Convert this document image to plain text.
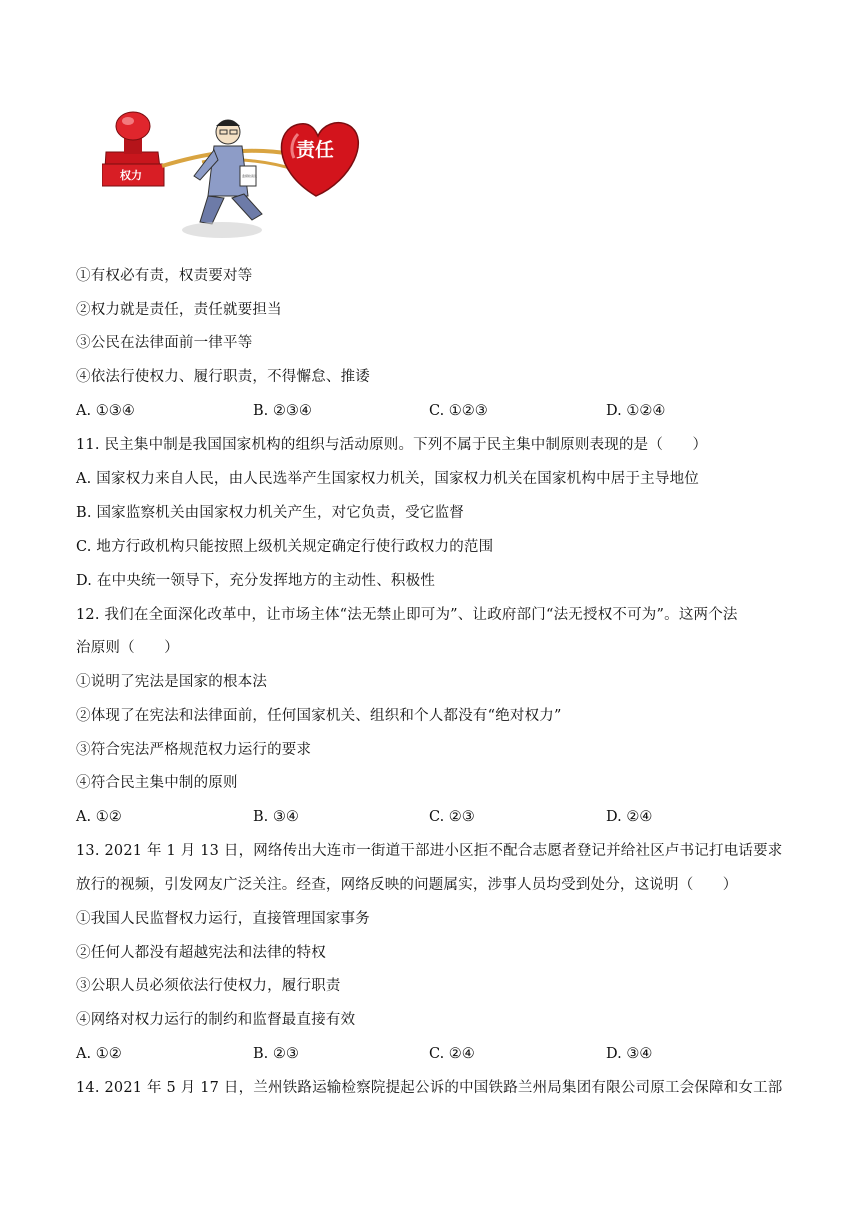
权力	监督检查员
责任
①有权必有责，权责要对等
②权力就是责任，责任就要担当
③公民在法律面前一律平等
④依法行使权力、履行职责，不得懈怠、推诿
A. ①③④	B. ②③④	C. ①②③	D. ①②④
11. 民主集中制是我国国家机构的组织与活动原则。下列不属于民主集中制原则表现的是（　　）
A. 国家权力来自人民，由人民选举产生国家权力机关，国家权力机关在国家机构中居于主导地位
B. 国家监察机关由国家权力机关产生，对它负责，受它监督
C. 地方行政机构只能按照上级机关规定确定行使行政权力的范围
D. 在中央统一领导下，充分发挥地方的主动性、积极性
12. 我们在全面深化改革中，让市场主体“法无禁止即可为”、让政府部门“法无授权不可为”。这两个法
治原则（　　）
①说明了宪法是国家的根本法
②体现了在宪法和法律面前，任何国家机关、组织和个人都没有“绝对权力”
③符合宪法严格规范权力运行的要求
④符合民主集中制的原则
A. ①②	B. ③④	C. ②③	D. ②④
13. 2021 年 1 月 13 日，网络传出大连市一街道干部进小区拒不配合志愿者登记并给社区卢书记打电话要求
放行的视频，引发网友广泛关注。经查，网络反映的问题属实，涉事人员均受到处分，这说明（　　）
①我国人民监督权力运行，直接管理国家事务
②任何人都没有超越宪法和法律的特权
③公职人员必须依法行使权力，履行职责
④网络对权力运行的制约和监督最直接有效
A. ①②	B. ②③	C. ②④	D. ③④
14. 2021 年 5 月 17 日，兰州铁路运输检察院提起公诉的中国铁路兰州局集团有限公司原工会保障和女工部
